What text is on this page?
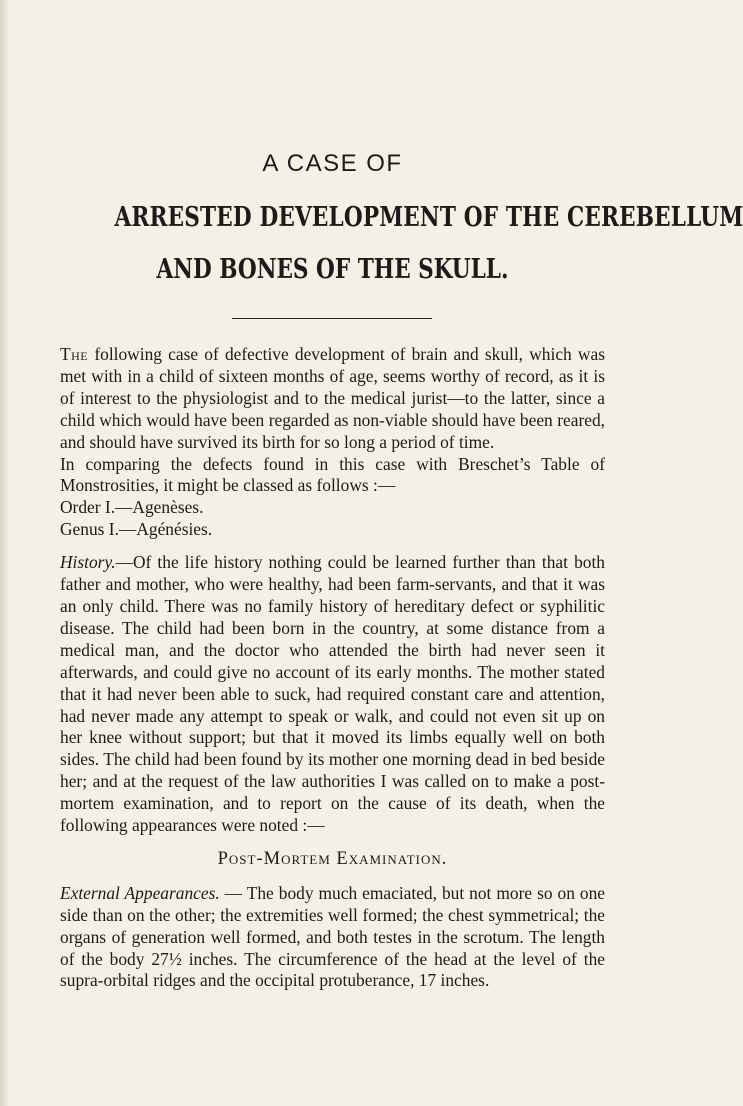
A CASE OF
ARRESTED DEVELOPMENT OF THE CEREBELLUM
AND BONES OF THE SKULL.

The following case of defective development of brain and skull, which was met with in a child of sixteen months of age, seems worthy of record, as it is of interest to the physiologist and to the medical jurist—to the latter, since a child which would have been regarded as non-viable should have been reared, and should have survived its birth for so long a period of time.

In comparing the defects found in this case with Breschet’s Table of Monstrosities, it might be classed as follows :—

Order I.—Agenèses.

Genus I.—Agénésies.

History.—Of the life history nothing could be learned further than that both father and mother, who were healthy, had been farm-servants, and that it was an only child. There was no family history of hereditary defect or syphilitic disease. The child had been born in the country, at some distance from a medical man, and the doctor who attended the birth had never seen it afterwards, and could give no account of its early months. The mother stated that it had never been able to suck, had required constant care and attention, had never made any attempt to speak or walk, and could not even sit up on her knee without support; but that it moved its limbs equally well on both sides. The child had been found by its mother one morning dead in bed beside her; and at the request of the law authorities I was called on to make a post-mortem examination, and to report on the cause of its death, when the following appearances were noted :—

Post-Mortem Examination.

External Appearances. — The body much emaciated, but not more so on one side than on the other; the extremities well formed; the chest symmetrical; the organs of generation well formed, and both testes in the scrotum. The length of the body 27½ inches. The circumference of the head at the level of the supra-orbital ridges and the occipital protuberance, 17 inches.
